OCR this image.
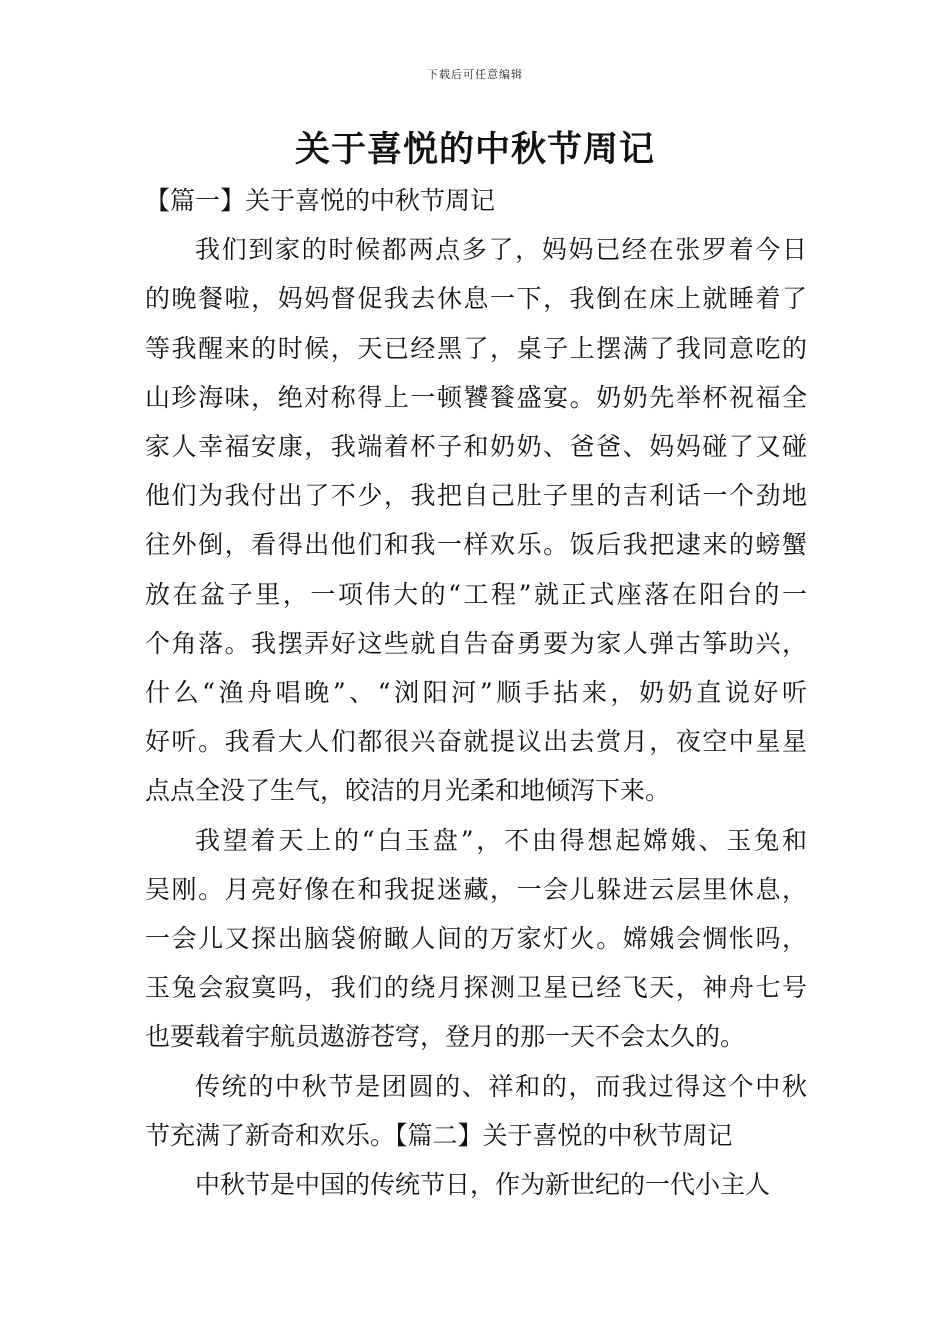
下载后可任意编辑
关于喜悦的中秋节周记
【篇一】关于喜悦的中秋节周记
我们到家的时候都两点多了，妈妈已经在张罗着今日
的晚餐啦，妈妈督促我去休息一下，我倒在床上就睡着了
等我醒来的时候，天已经黑了，桌子上摆满了我同意吃的
山珍海味，绝对称得上一顿饕餮盛宴。奶奶先举杯祝福全
家人幸福安康，我端着杯子和奶奶、爸爸、妈妈碰了又碰
他们为我付出了不少，我把自己肚子里的吉利话一个劲地
往外倒，看得出他们和我一样欢乐。饭后我把逮来的螃蟹
放在盆子里，一项伟大的“工程”就正式座落在阳台的一
个角落。我摆弄好这些就自告奋勇要为家人弹古筝助兴，
什么“渔舟唱晚”、“浏阳河”顺手拈来，奶奶直说好听
好听。我看大人们都很兴奋就提议出去赏月，夜空中星星
点点全没了生气，皎洁的月光柔和地倾泻下来。
我望着天上的“白玉盘”，不由得想起嫦娥、玉兔和
吴刚。月亮好像在和我捉迷藏，一会儿躲进云层里休息，
一会儿又探出脑袋俯瞰人间的万家灯火。嫦娥会惆怅吗，
玉兔会寂寞吗，我们的绕月探测卫星已经飞天，神舟七号
也要载着宇航员遨游苍穹，登月的那一天不会太久的。
传统的中秋节是团圆的、祥和的，而我过得这个中秋
节充满了新奇和欢乐。【篇二】关于喜悦的中秋节周记
中秋节是中国的传统节日，作为新世纪的一代小主人
